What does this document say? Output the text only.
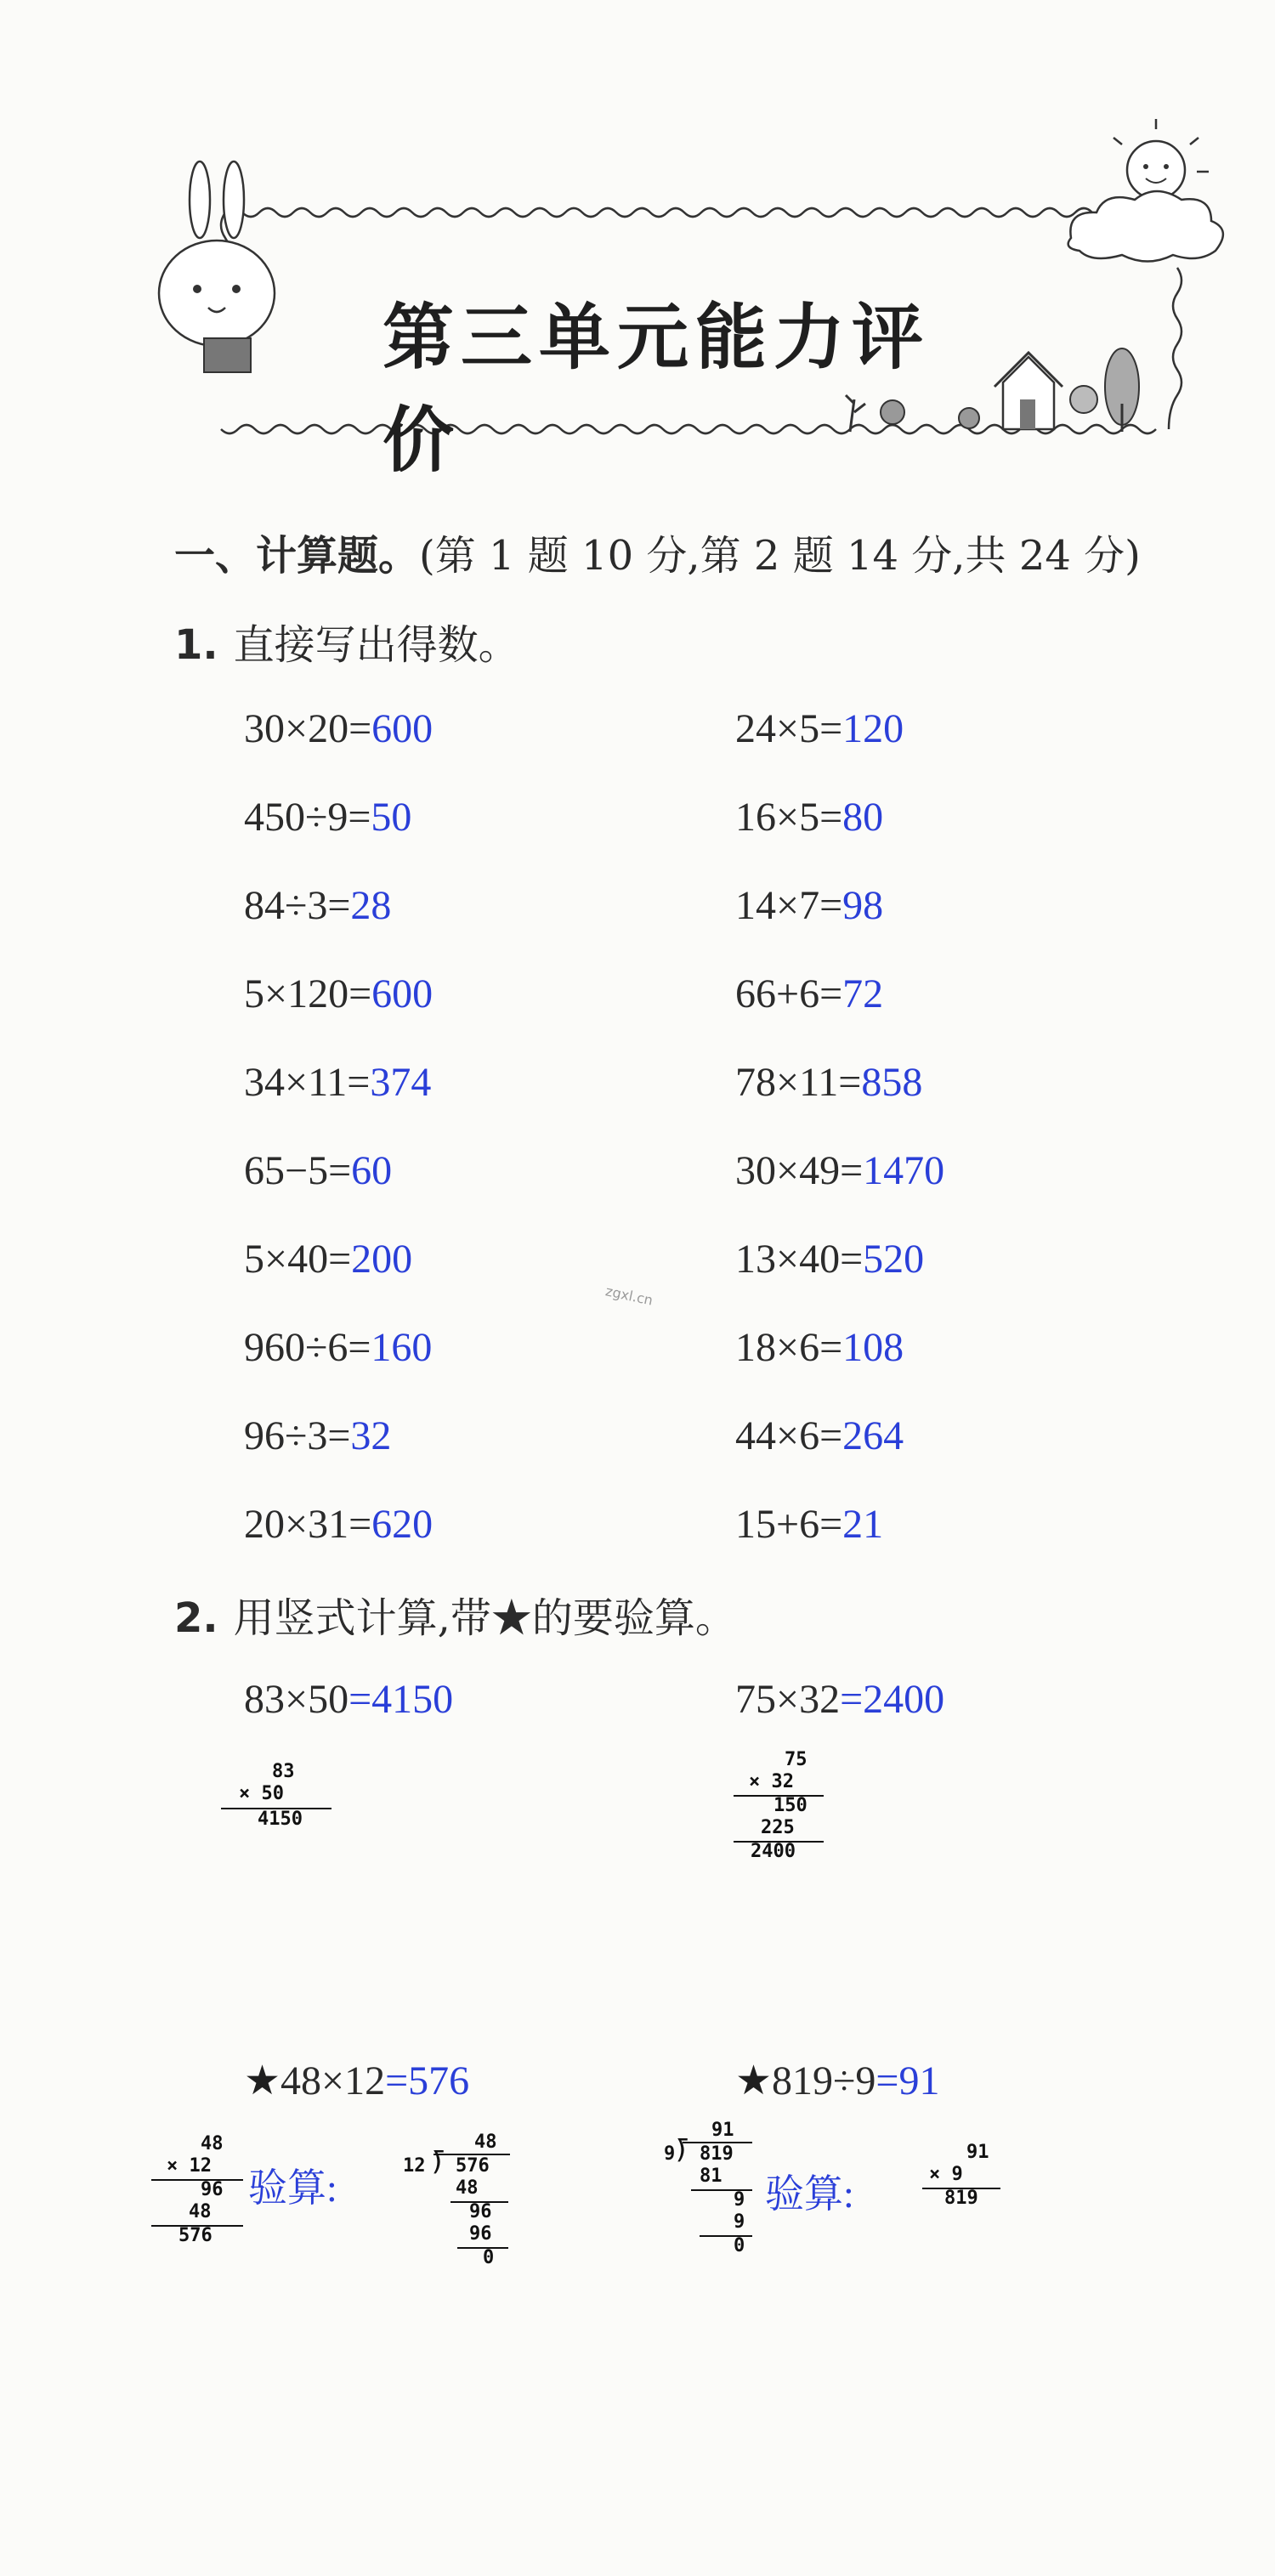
第三单元能力评价
一、计算题。(第 1 题 10 分,第 2 题 14 分,共 24 分)
1. 直接写出得数。
30×20=600
450÷9=50
84÷3=28
5×120=600
34×11=374
65−5=60
5×40=200
960÷6=160
96÷3=32
20×31=620
24×5=120
16×5=80
14×7=98
66+6=72
78×11=858
30×49=1470
13×40=520
18×6=108
44×6=264
15+6=21
2. 用竖式计算,带★的要验算。
83×50=4150	75×32=2400
★48×12=576	★819÷9=91
83
× 50
4150
75
× 32
150
225
2400
48
× 12
96
48
576
验算:
48
12 ⟌ 576
48
96
96
0
91
9 ⟌ 819
81
9
9
0
验算:
91
× 9
819
zgxl.cn
